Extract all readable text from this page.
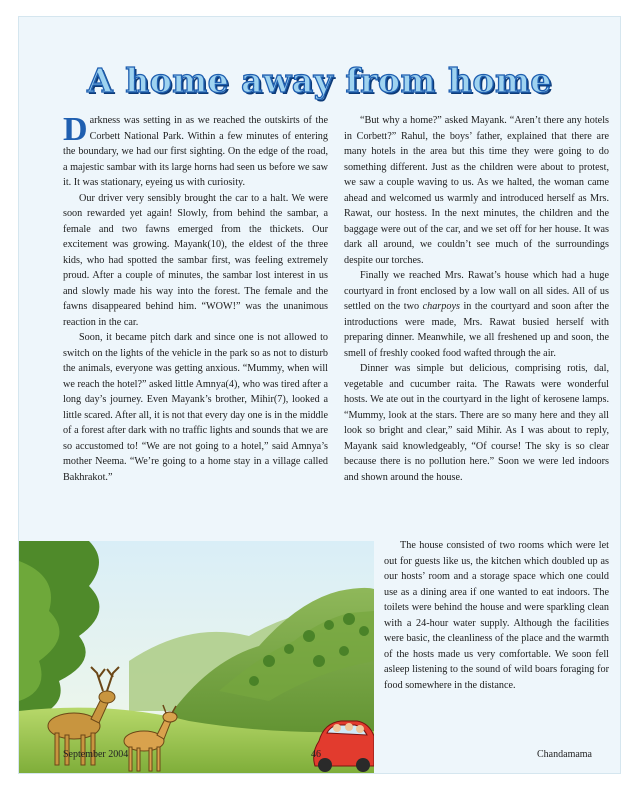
A home away from home

Darkness was setting in as we reached the outskirts of the Corbett National Park. Within a few minutes of entering the boundary, we had our first sighting. On the edge of the road, a majestic sambar with its large horns had seen us before we saw it. It was stationary, eyeing us with curiosity.

Our driver very sensibly brought the car to a halt. We were soon rewarded yet again! Slowly, from behind the sambar, a female and two fawns emerged from the thickets. Our excitement was growing. Mayank(10), the eldest of the three kids, who had spotted the sambar first, was feeling extremely proud. After a couple of minutes, the sambar lost interest in us and slowly made his way into the forest. The female and the fawns disappeared behind him. “WOW!” was the unanimous reaction in the car.

Soon, it became pitch dark and since one is not allowed to switch on the lights of the vehicle in the park so as not to disturb the animals, everyone was getting anxious. “Mummy, when will we reach the hotel?” asked little Amnya(4), who was tired after a long day’s journey. Even Mayank’s brother, Mihir(7), looked a little scared. After all, it is not that every day one is in the middle of a forest after dark with no traffic lights and sounds that we are so accustomed to! “We are not going to a hotel,” said Amnya’s mother Neema. “We’re going to a home stay in a village called Bakhrakot.”

“But why a home?” asked Mayank. “Aren’t there any hotels in Corbett?” Rahul, the boys’ father, explained that there are many hotels in the area but this time they were going to do something different. Just as the children were about to protest, we saw a couple waving to us. As we halted, the woman came ahead and welcomed us warmly and introduced herself as Mrs. Rawat, our hostess. In the next minutes, the children and the baggage were out of the car, and we set off for her house. It was dark all around, we couldn’t see much of the surroundings despite our torches.

Finally we reached Mrs. Rawat’s house which had a huge courtyard in front enclosed by a low wall on all sides. All of us settled on the two charpoys in the courtyard and soon after the introductions were made, Mrs. Rawat busied herself with preparing dinner. Meanwhile, we all freshened up and soon, the smell of freshly cooked food wafted through the air.

Dinner was simple but delicious, comprising rotis, dal, vegetable and cucumber raita. The Rawats were wonderful hosts. We ate out in the courtyard in the light of kerosene lamps. “Mummy, look at the stars. There are so many here and they all look so bright and clear,” said Mihir. As I was about to reply, Mayank said knowledgeably, “Of course! The sky is so clear because there is no pollution here.” Soon we were led indoors and shown around the house.

The house consisted of two rooms which were let out for guests like us, the kitchen which doubled up as our hosts’ room and a storage space which one could use as a dining area if one wanted to eat indoors. The toilets were behind the house and were sparkling clean with a 24-hour water supply. Although the facilities were basic, the cleanliness of the place and the warmth of the hosts made us very comfortable. We soon fell asleep listening to the sound of wild boars foraging for food somewhere in the distance.

September 2004	46	Chandamama
